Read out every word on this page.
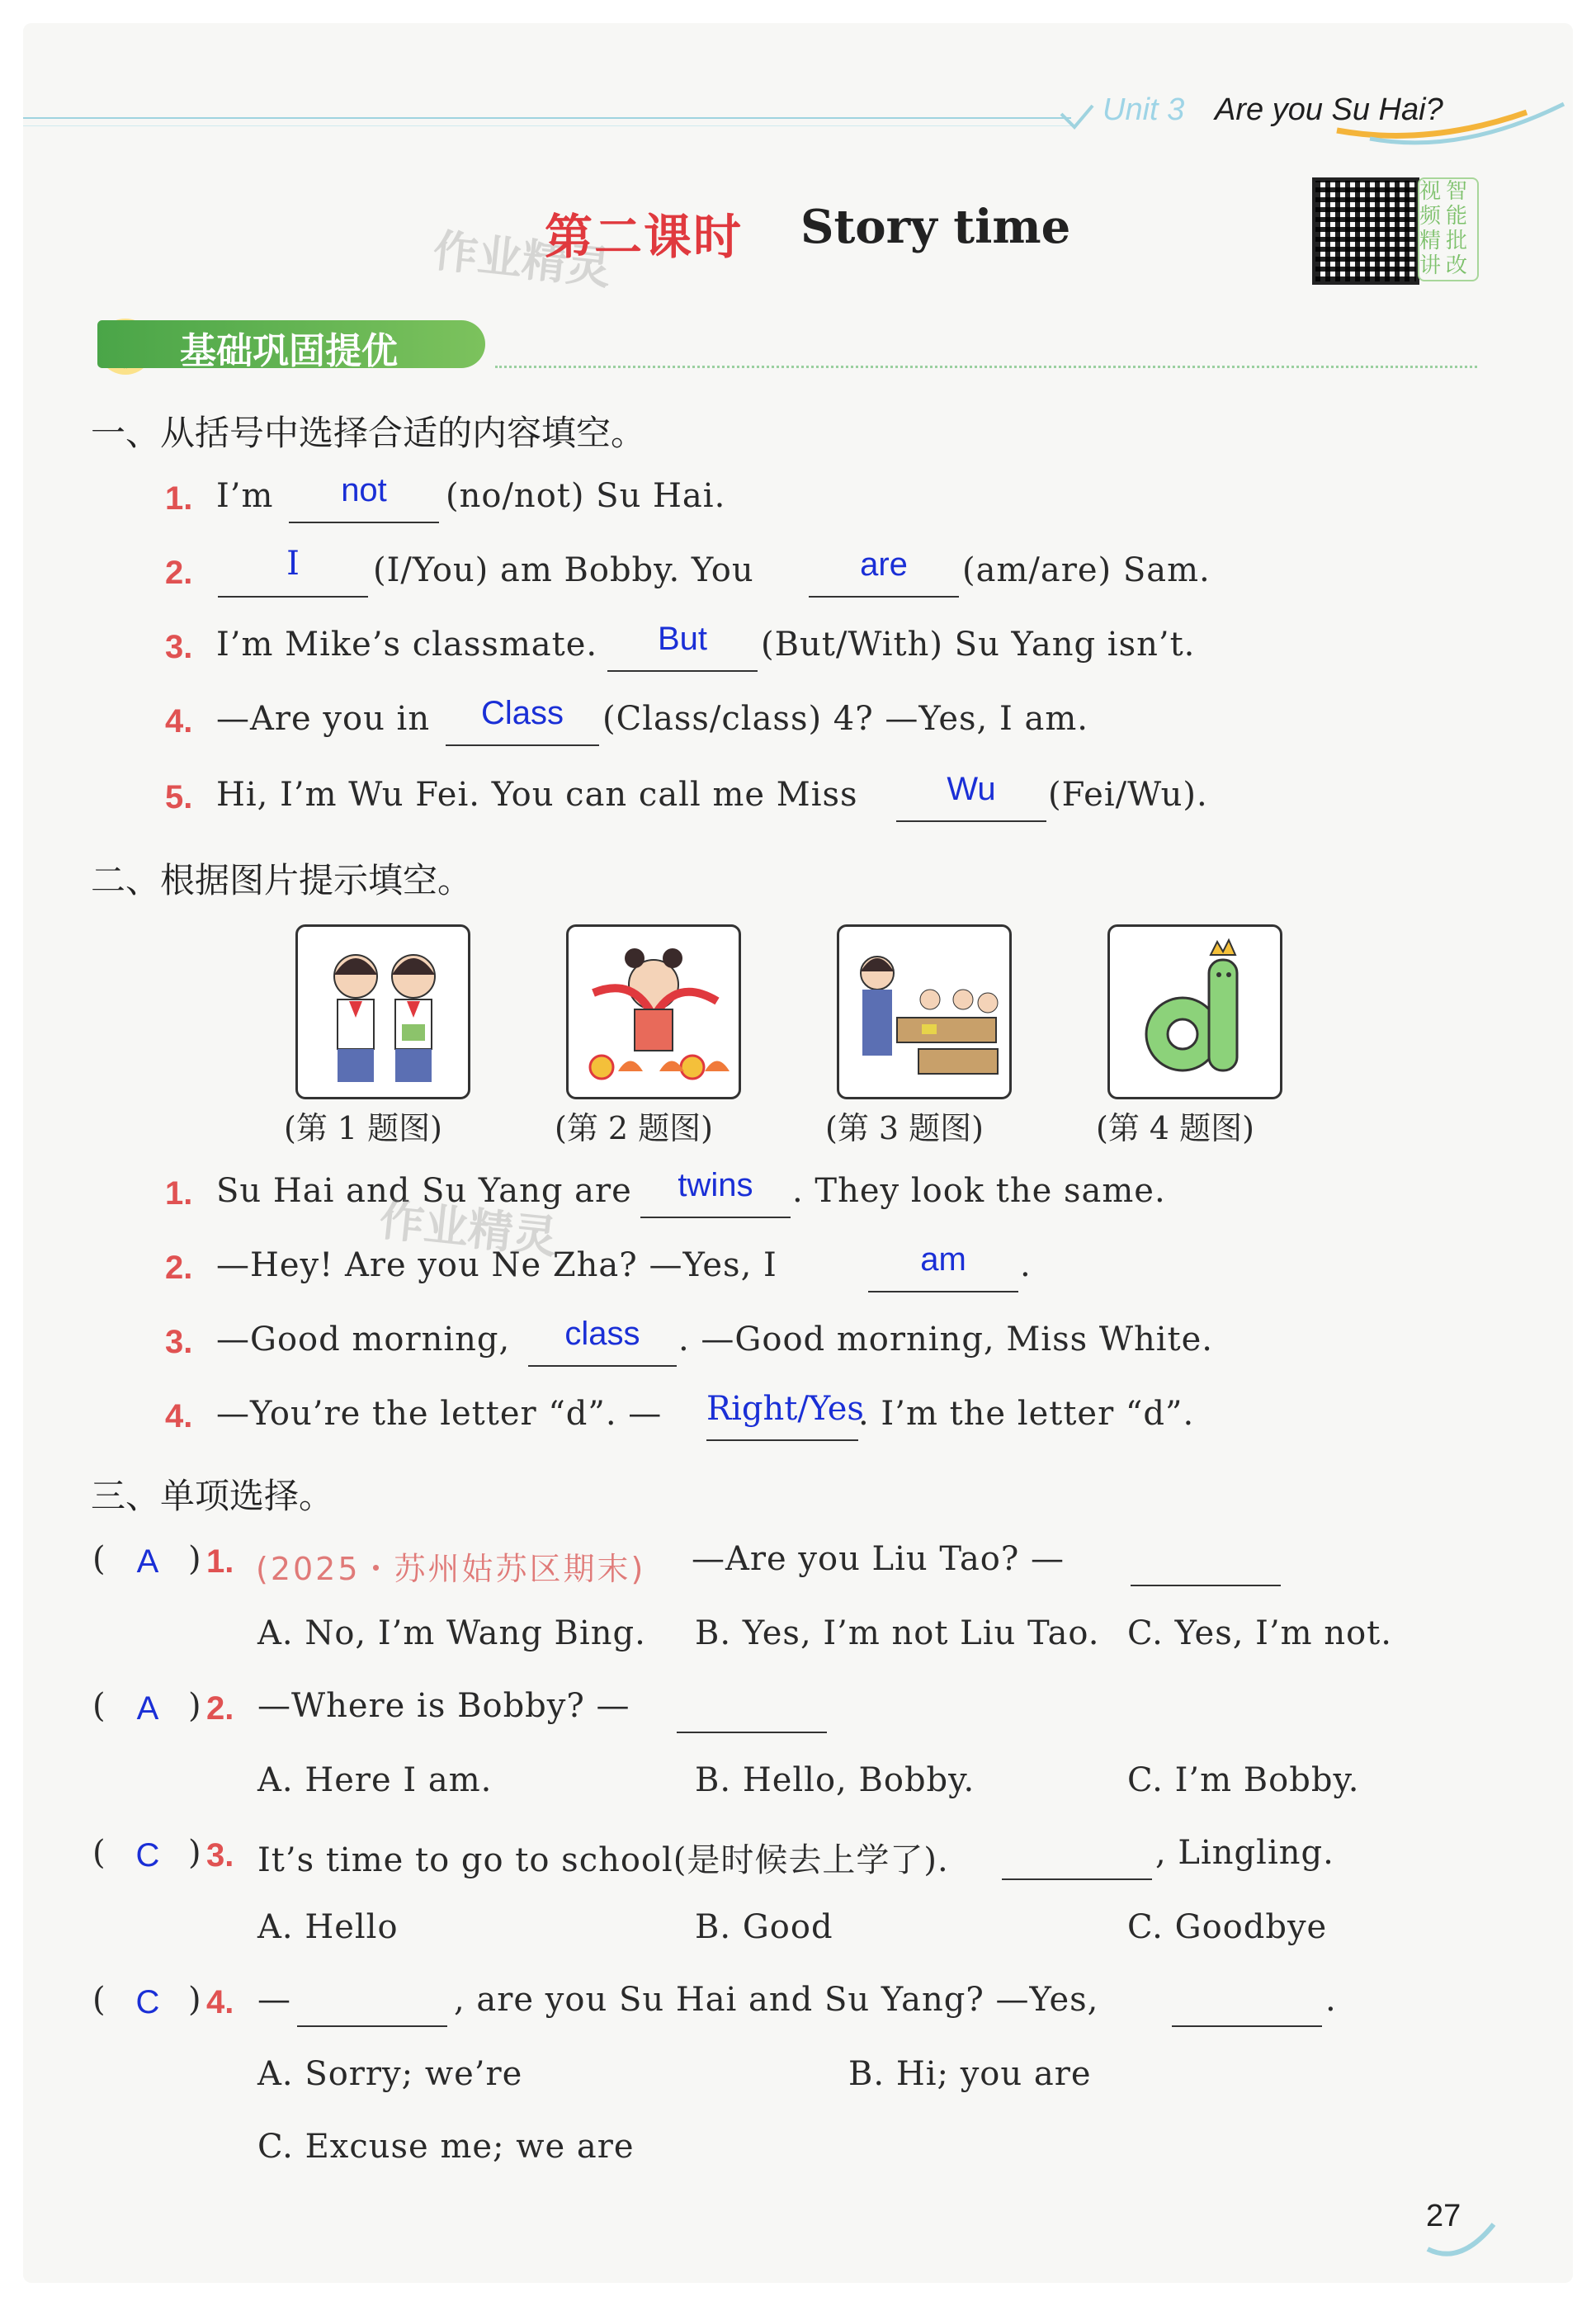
Unit 3 Are you Su Hai?
作业精灵
第二课时 Story time
视 智
频 能
精 批
讲 改
基础巩固提优
一、从括号中选择合适的内容填空。
1. I’m	not	(no/not) Su Hai.
2.	I	(I/You) am Bobby. You	are	(am/are) Sam.
3. I’m Mike’s classmate.	But	(But/With) Su Yang isn’t.
4. —Are you in	Class	(Class/class) 4? —Yes, I am.
5. Hi, I’m Wu Fei. You can call me Miss	Wu	(Fei/Wu).
二、根据图片提示填空。
(第 1 题图)	(第 2 题图)	(第 3 题图)	(第 4 题图)
1. Su Hai and Su Yang are
作业精灵
twins	. They look the same.
2. —Hey! Are you Ne Zha? —Yes, I	am	.
3. —Good morning,	class	. —Good morning, Miss White.
4. —You’re the letter “d”. — Right/Yes
. I’m the letter “d”.
三、单项选择。
( A ) 1. (2025・苏州姑苏区期末) —Are you Liu Tao? —
A. No, I’m Wang Bing. B. Yes, I’m not Liu Tao. C. Yes, I’m not.
( A ) 2. —Where is Bobby? —
A. Here I am.	B. Hello, Bobby.	C. I’m Bobby.
( C ) 3. It’s time to go to school(是时候去上学了).	, Lingling.
A. Hello	B. Good	C. Goodbye
( C ) 4. —	, are you Su Hai and Su Yang? —Yes,	.
A. Sorry; we’re	B. Hi; you are
C. Excuse me; we are
27
